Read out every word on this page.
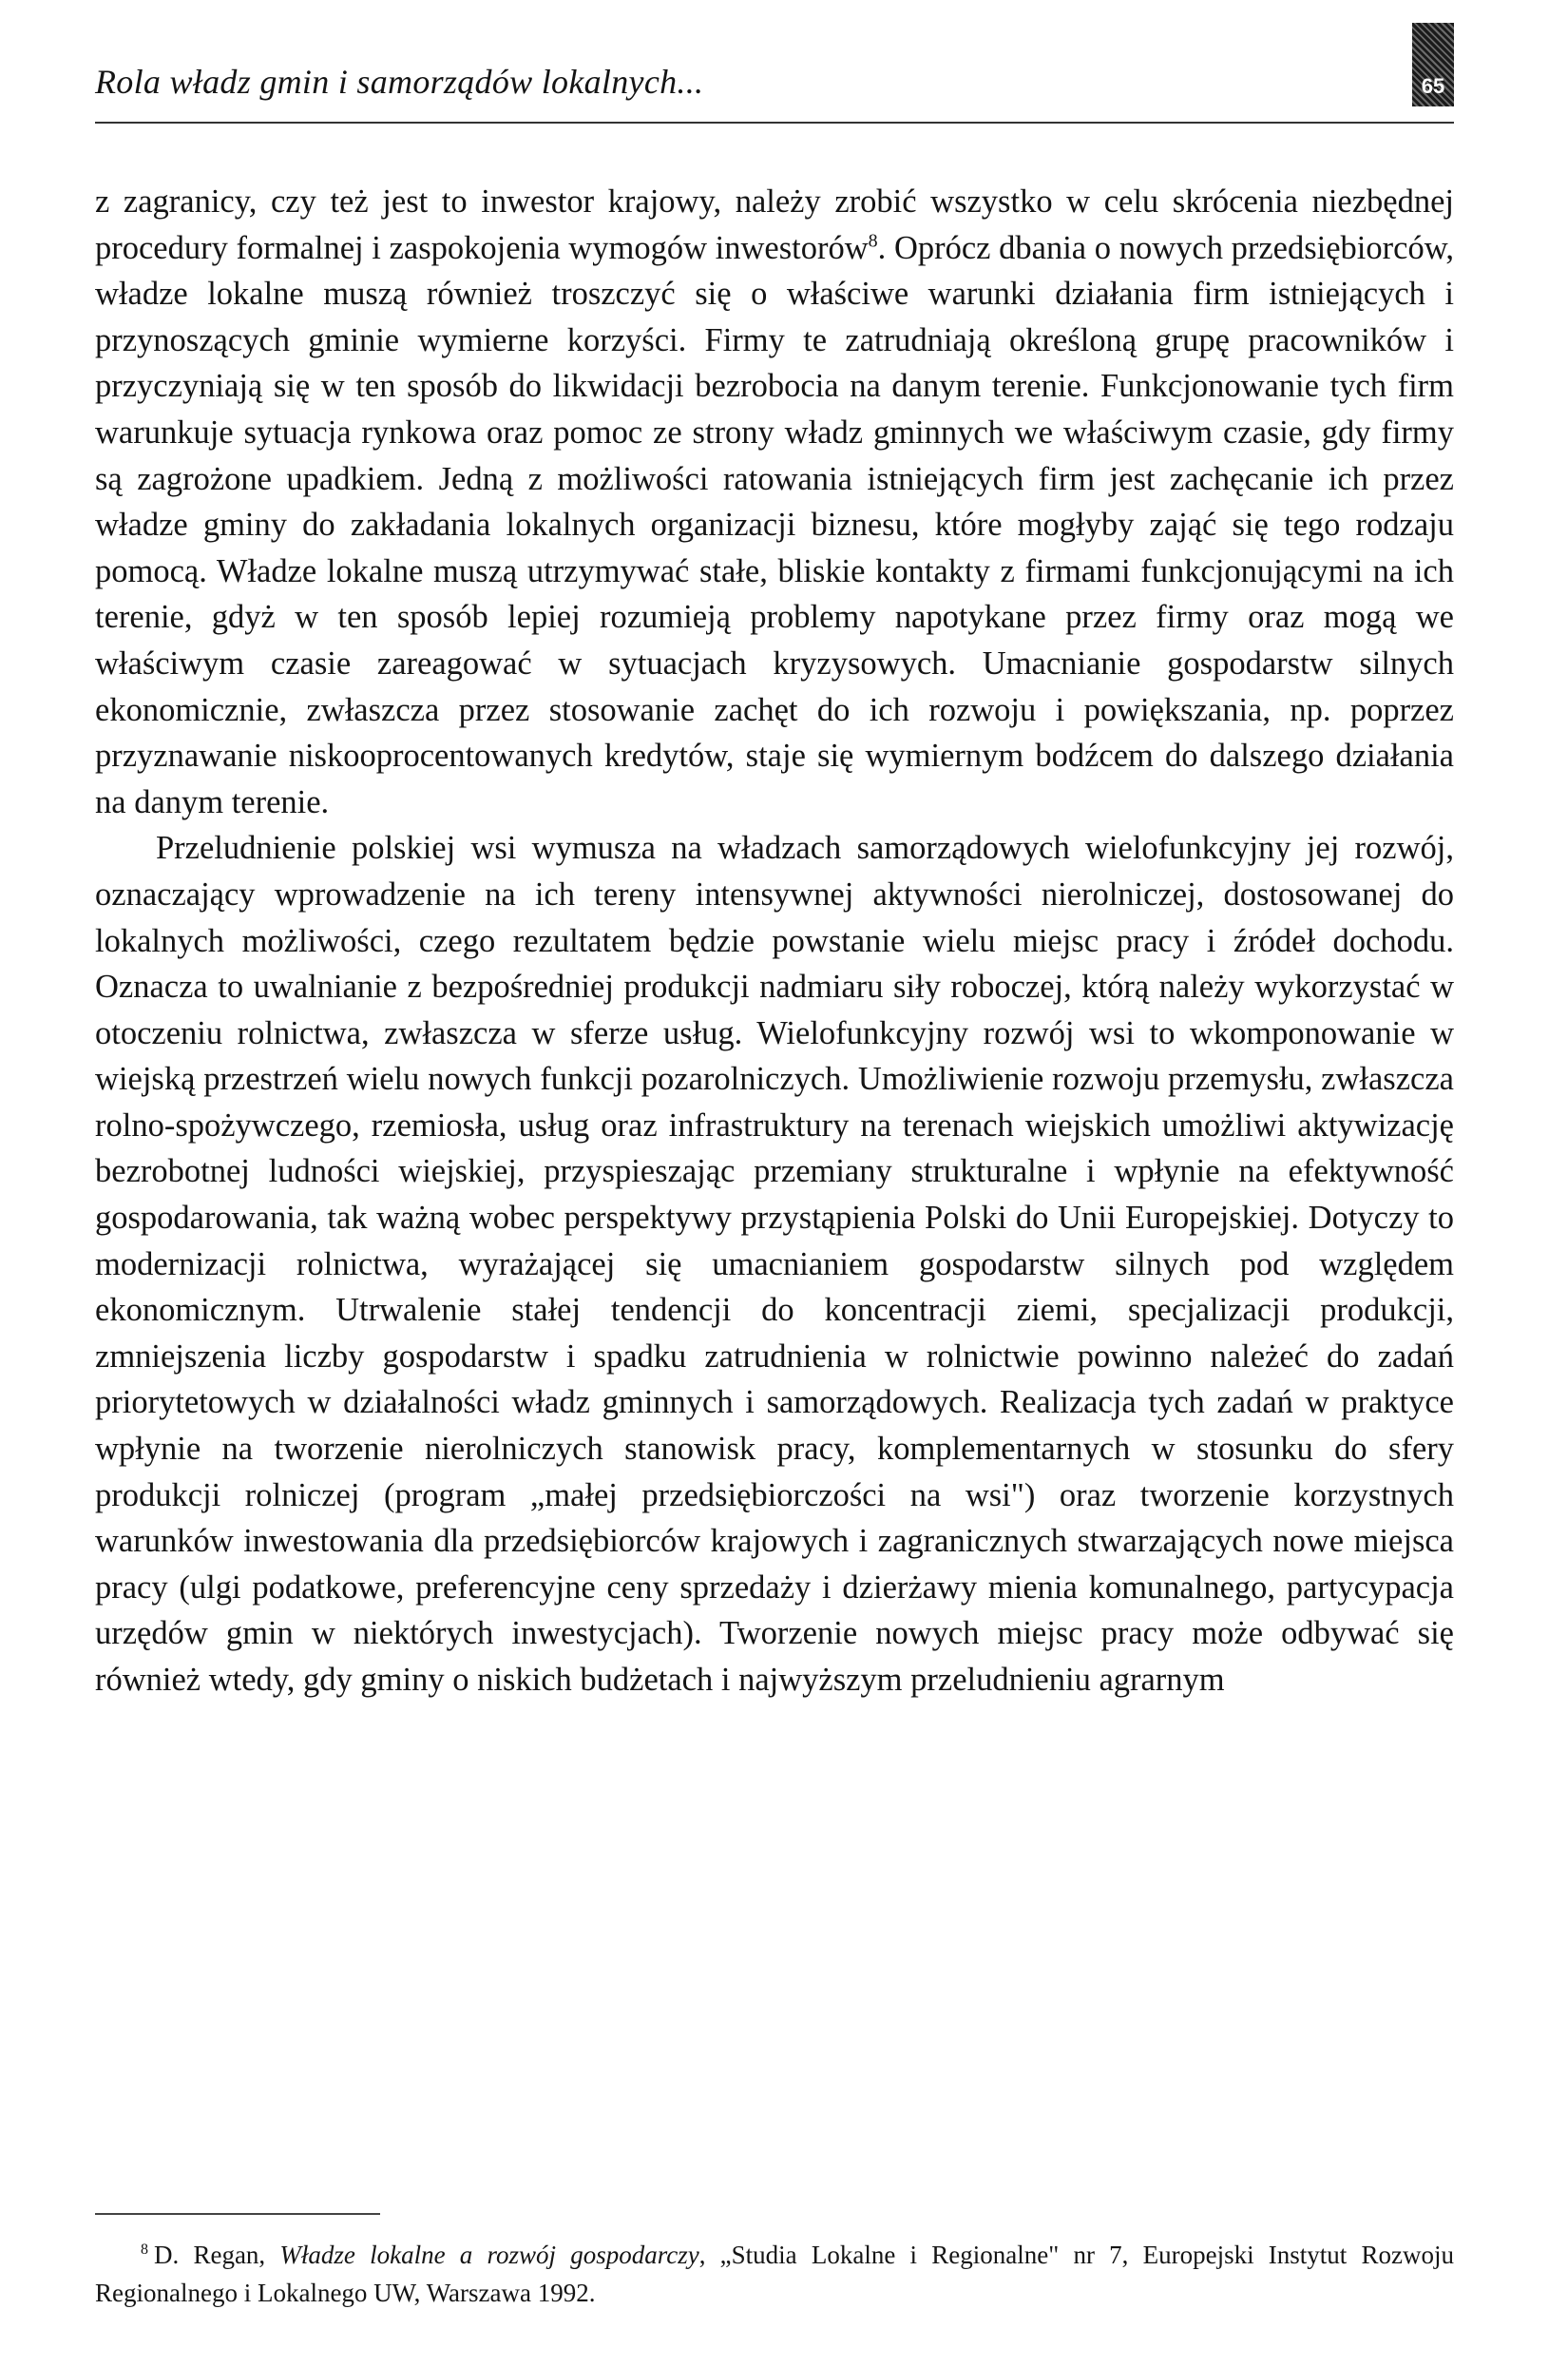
Rola władz gmin i samorządów lokalnych...	65

z zagranicy, czy też jest to inwestor krajowy, należy zrobić wszystko w celu skrócenia niezbędnej procedury formalnej i zaspokojenia wymogów inwestorów$^8$. Oprócz dbania o nowych przedsiębiorców, władze lokalne muszą również troszczyć się o właściwe warunki działania firm istniejących i przynoszących gminie wymierne korzyści. Firmy te zatrudniają określoną grupę pracowników i przyczyniają się w ten sposób do likwidacji bezrobocia na danym terenie. Funkcjonowanie tych firm warunkuje sytuacja rynkowa oraz pomoc ze strony władz gminnych we właściwym czasie, gdy firmy są zagrożone upadkiem. Jedną z możliwości ratowania istniejących firm jest zachęcanie ich przez władze gminy do zakładania lokalnych organizacji biznesu, które mogłyby zająć się tego rodzaju pomocą. Władze lokalne muszą utrzymywać stałe, bliskie kontakty z firmami funkcjonującymi na ich terenie, gdyż w ten sposób lepiej rozumieją problemy napotykane przez firmy oraz mogą we właściwym czasie zareagować w sytuacjach kryzysowych. Umacnianie gospodarstw silnych ekonomicznie, zwłaszcza przez stosowanie zachęt do ich rozwoju i powiększania, np. poprzez przyznawanie niskooprocentowanych kredytów, staje się wymiernym bodźcem do dalszego działania na danym terenie.

Przeludnienie polskiej wsi wymusza na władzach samorządowych wielofunkcyjny jej rozwój, oznaczający wprowadzenie na ich tereny intensywnej aktywności nierolniczej, dostosowanej do lokalnych możliwości, czego rezultatem będzie powstanie wielu miejsc pracy i źródeł dochodu. Oznacza to uwalnianie z bezpośredniej produkcji nadmiaru siły roboczej, którą należy wykorzystać w otoczeniu rolnictwa, zwłaszcza w sferze usług. Wielofunkcyjny rozwój wsi to wkomponowanie w wiejską przestrzeń wielu nowych funkcji pozarolniczych. Umożliwienie rozwoju przemysłu, zwłaszcza rolno-spożywczego, rzemiosła, usług oraz infrastruktury na terenach wiejskich umożliwi aktywizację bezrobotnej ludności wiejskiej, przyspieszając przemiany strukturalne i wpłynie na efektywność gospodarowania, tak ważną wobec perspektywy przystąpienia Polski do Unii Europejskiej. Dotyczy to modernizacji rolnictwa, wyrażającej się umacnianiem gospodarstw silnych pod względem ekonomicznym. Utrwalenie stałej tendencji do koncentracji ziemi, specjalizacji produkcji, zmniejszenia liczby gospodarstw i spadku zatrudnienia w rolnictwie powinno należeć do zadań priorytetowych w działalności władz gminnych i samorządowych. Realizacja tych zadań w praktyce wpłynie na tworzenie nierolniczych stanowisk pracy, komplementarnych w stosunku do sfery produkcji rolniczej (program „małej przedsiębiorczości na wsi") oraz tworzenie korzystnych warunków inwestowania dla przedsiębiorców krajowych i zagranicznych stwarzających nowe miejsca pracy (ulgi podatkowe, preferencyjne ceny sprzedaży i dzierżawy mienia komunalnego, partycypacja urzędów gmin w niektórych inwestycjach). Tworzenie nowych miejsc pracy może odbywać się również wtedy, gdy gminy o niskich budżetach i najwyższym przeludnieniu agrarnym

$^8$ D. Regan, Władze lokalne a rozwój gospodarczy, „Studia Lokalne i Regionalne" nr 7, Europejski Instytut Rozwoju Regionalnego i Lokalnego UW, Warszawa 1992.
